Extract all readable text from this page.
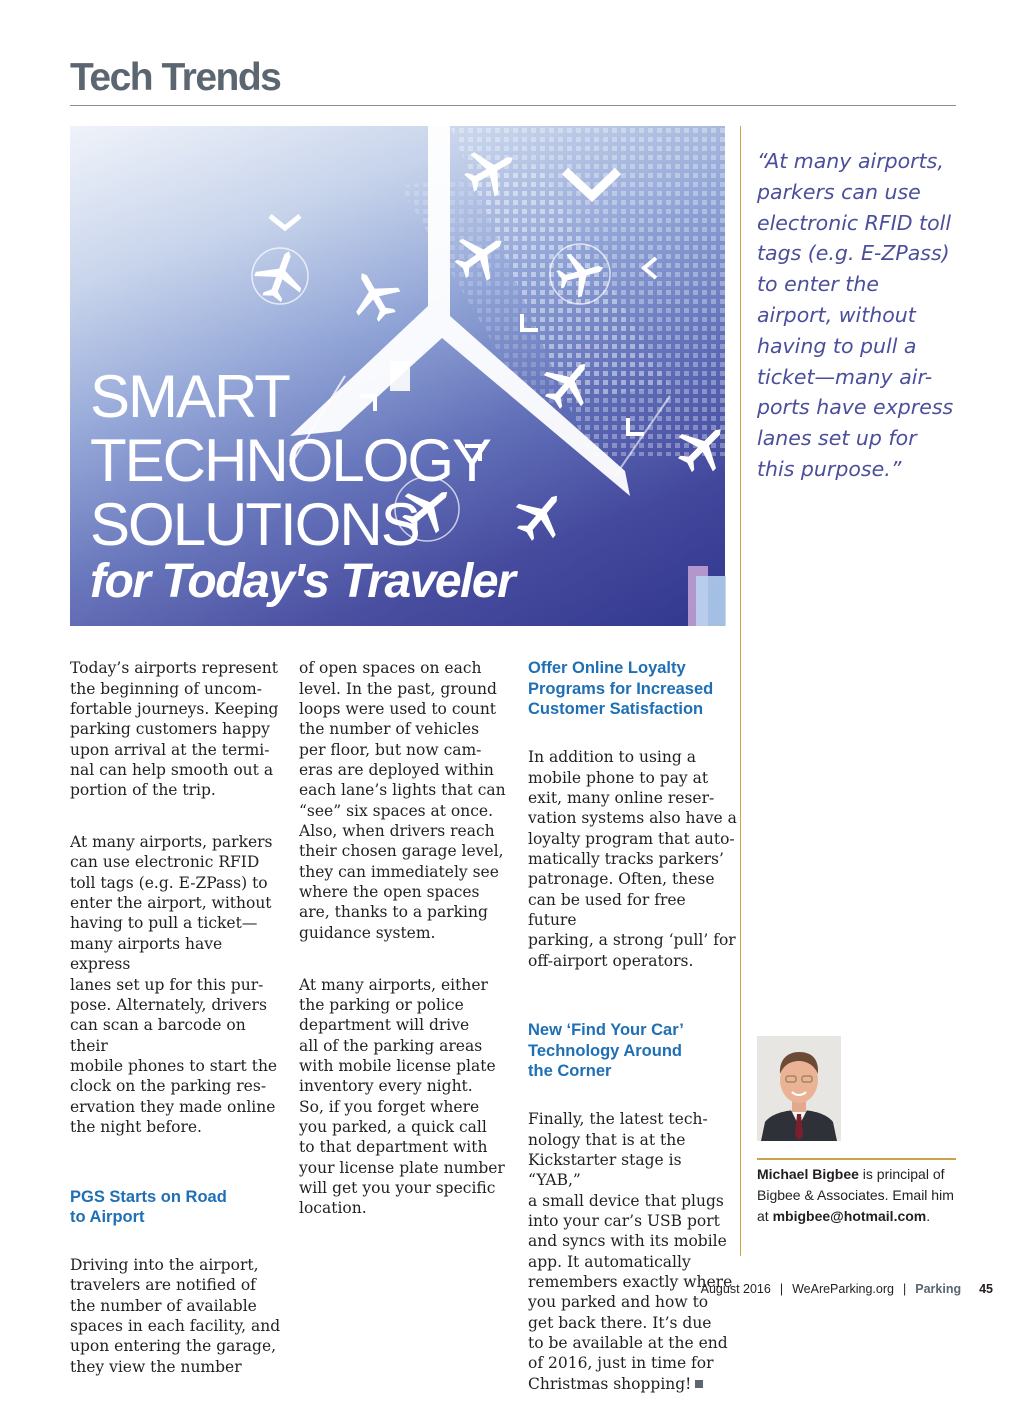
Tech Trends
SMART
TECHNOLOGY
SOLUTIONS
for Today's Traveler
“At many airports,
parkers can use
electronic RFID toll
tags (e.g. E-ZPass)
to enter the
airport, without
having to pull a
ticket—many air-
ports have express
lanes set up for
this purpose.”

Today’s airports represent
the beginning of uncom-
fortable journeys. Keeping
parking customers happy
upon arrival at the termi-
nal can help smooth out a
portion of the trip.

At many airports, parkers
can use electronic RFID
toll tags (e.g. E-ZPass) to
enter the airport, without
having to pull a ticket—
many airports have express
lanes set up for this pur-
pose. Alternately, drivers
can scan a barcode on their
mobile phones to start the
clock on the parking res-
ervation they made online
the night before.

PGS Starts on Road
to Airport

Driving into the airport,
travelers are notified of
the number of available
spaces in each facility, and
upon entering the garage,
they view the number

of open spaces on each
level. In the past, ground
loops were used to count
the number of vehicles
per floor, but now cam-
eras are deployed within
each lane’s lights that can
“see” six spaces at once.
Also, when drivers reach
their chosen garage level,
they can immediately see
where the open spaces
are, thanks to a parking
guidance system.

At many airports, either
the parking or police
department will drive
all of the parking areas
with mobile license plate
inventory every night.
So, if you forget where
you parked, a quick call
to that department with
your license plate number
will get you your specific
location.

Offer Online Loyalty
Programs for Increased
Customer Satisfaction

In addition to using a
mobile phone to pay at
exit, many online reser-
vation systems also have a
loyalty program that auto-
matically tracks parkers’
patronage. Often, these
can be used for free future
parking, a strong ‘pull’ for
off-airport operators.

New ‘Find Your Car’
Technology Around
the Corner

Finally, the latest tech-
nology that is at the
Kickstarter stage is “YAB,”
a small device that plugs
into your car’s USB port
and syncs with its mobile
app. It automatically
remembers exactly where
you parked and how to
get back there. It’s due
to be available at the end
of 2016, just in time for
Christmas shopping!

Michael Bigbee is principal of Bigbee & Associates. Email him at mbigbee@hotmail.com.
August 2016 | WeAreParking.org | Parking 45
